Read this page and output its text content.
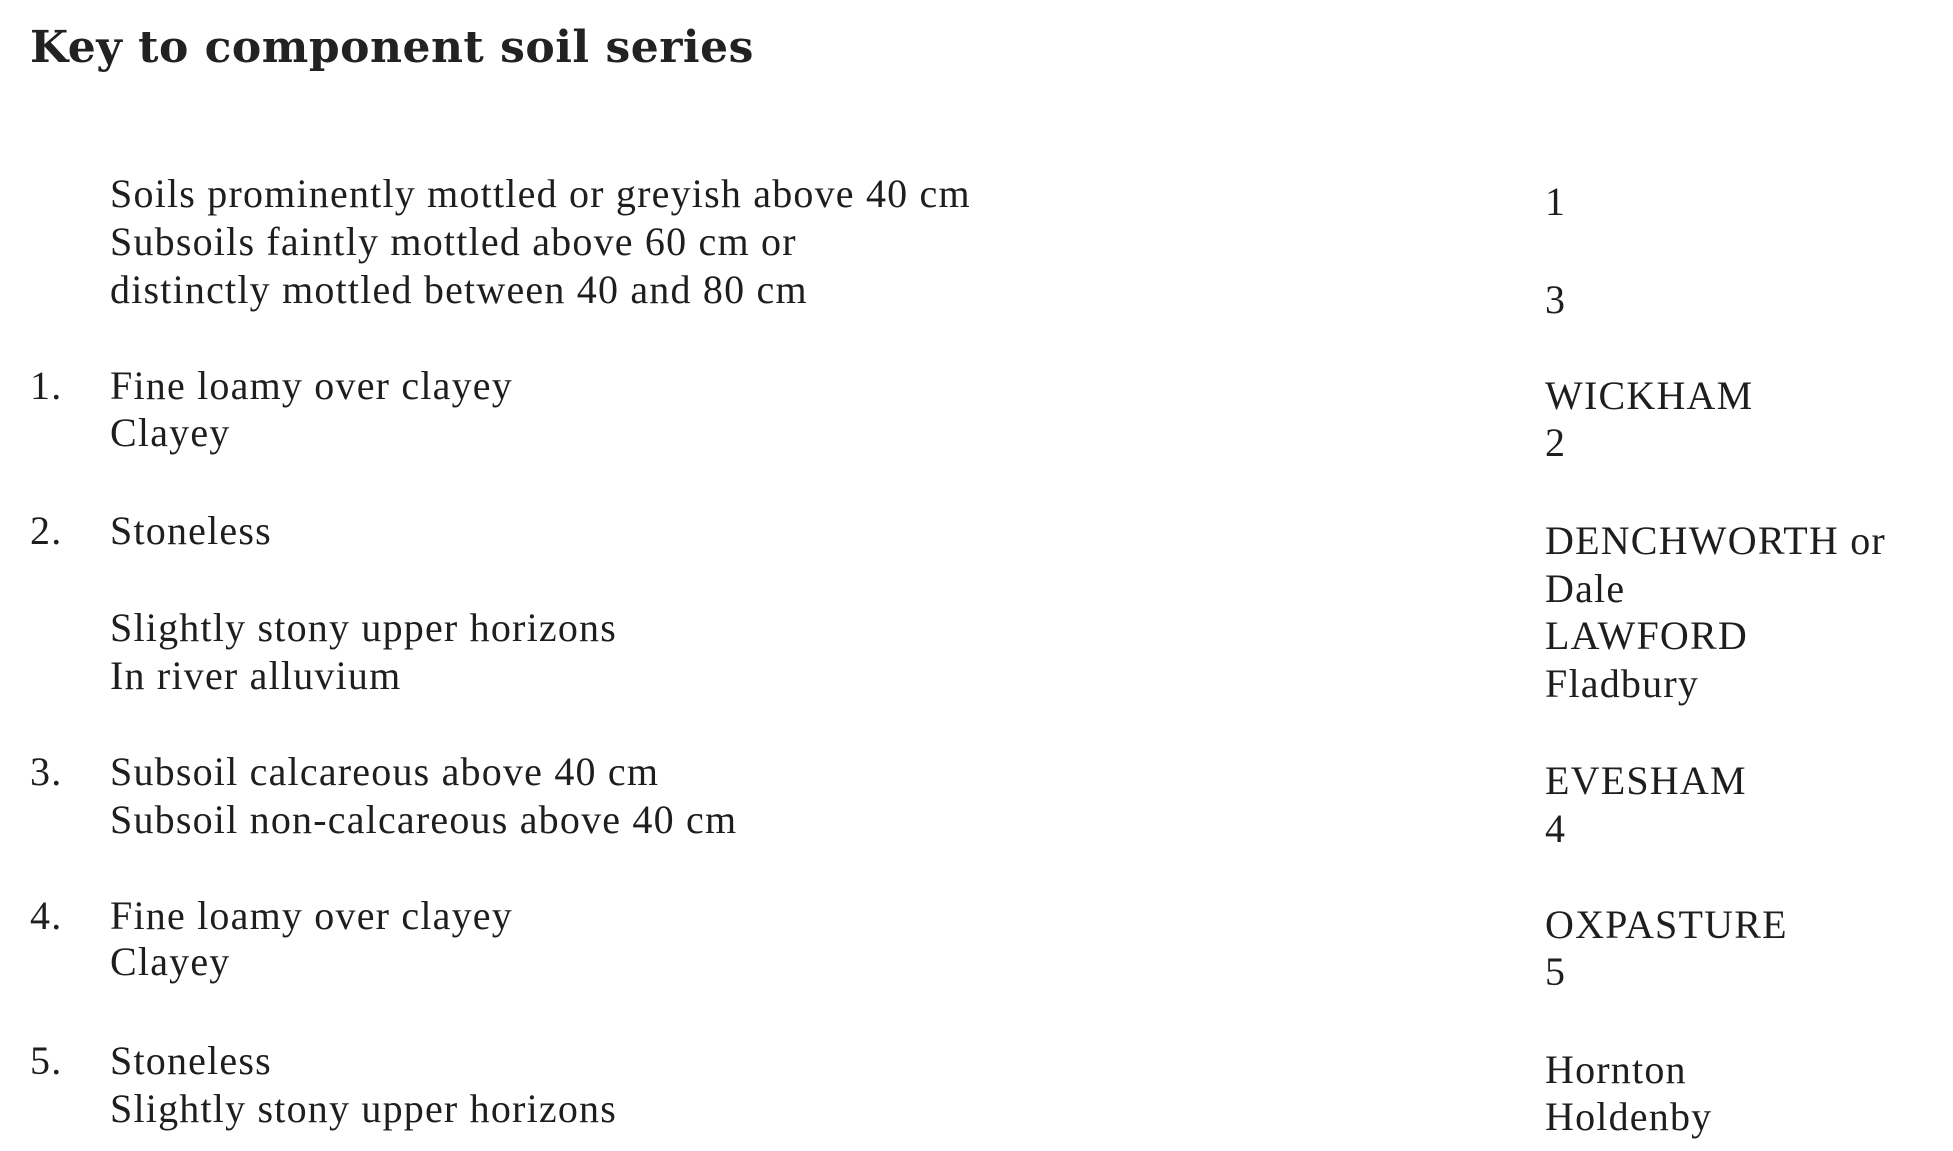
Key to component soil series
Soils prominently mottled or greyish above 40 cm
Subsoils faintly mottled above 60 cm or
distinctly mottled between 40 and 80 cm
1
3
1. Fine loamy over clayey
Clayey
WICKHAM
2
2. Stoneless
Slightly stony upper horizons
In river alluvium
DENCHWORTH or
Dale
LAWFORD
Fladbury
3. Subsoil calcareous above 40 cm
Subsoil non-calcareous above 40 cm
EVESHAM
4
4. Fine loamy over clayey
Clayey
OXPASTURE
5
5. Stoneless
Slightly stony upper horizons
Hornton
Holdenby
